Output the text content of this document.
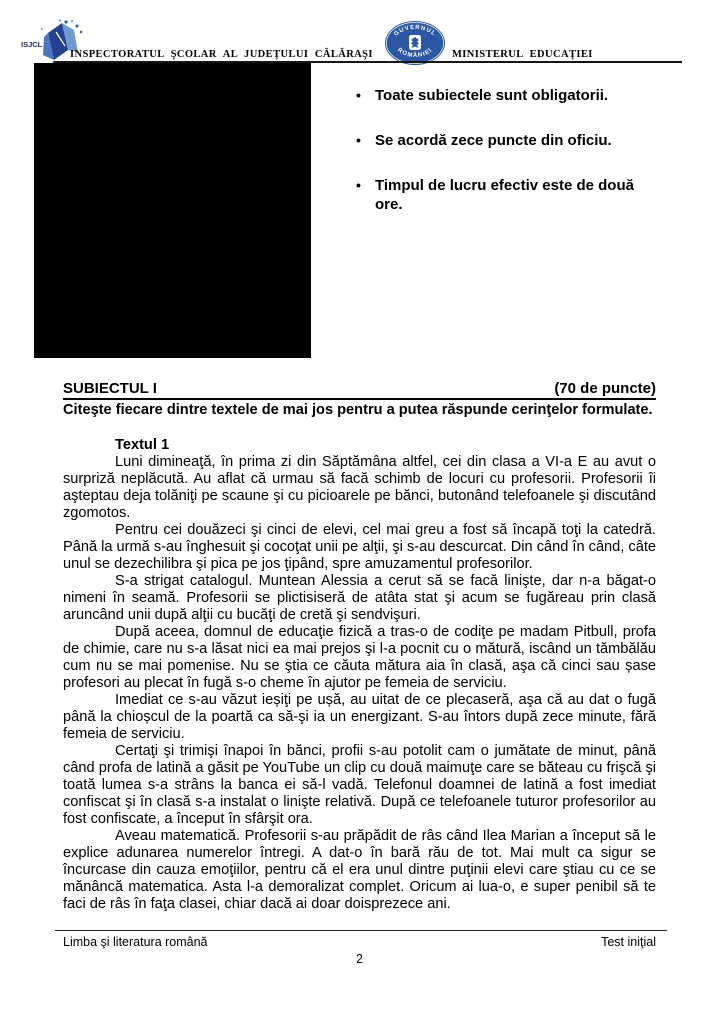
ISJCL
INSPECTORATUL ŞCOLAR AL JUDEŢULUI CĂLĂRAŞI
GUVERNUL
ROMÂNIEI MINISTERUL EDUCAŢIEI
• Toate subiectele sunt obligatorii.
• Se acordă zece puncte din oficiu.
• Timpul de lucru efectiv este de două ore.
SUBIECTUL I	(70 de puncte)
Citeşte fiecare dintre textele de mai jos pentru a putea răspunde cerinţelor formulate.
Textul 1

Luni dimineaţă, în prima zi din Săptămâna altfel, cei din clasa a VI-a E au avut o surpriză neplăcută. Au aflat că urmau să facă schimb de locuri cu profesorii. Profesorii îi aşteptau deja tolăniţi pe scaune şi cu picioarele pe bănci, butonând telefoanele şi discutând zgomotos.

Pentru cei douăzeci şi cinci de elevi, cel mai greu a fost să încapă toţi la catedră. Până la urmă s-au înghesuit şi cocoţat unii pe alţii, şi s-au descurcat. Din când în când, câte unul se dezechilibra şi pica pe jos ţipând, spre amuzamentul profesorilor.

S-a strigat catalogul. Muntean Alessia a cerut să se facă linişte, dar n-a băgat-o nimeni în seamă. Profesorii se plictisiseră de atâta stat şi acum se fugăreau prin clasă aruncând unii după alţii cu bucăţi de cretă şi sendvişuri.

După aceea, domnul de educaţie fizică a tras-o de codiţe pe madam Pitbull, profa de chimie, care nu s-a lăsat nici ea mai prejos şi l-a pocnit cu o mătură, iscând un tămbălău cum nu se mai pomenise. Nu se ştia ce căuta mătura aia în clasă, aşa că cinci sau șase profesori au plecat în fugă s-o cheme în ajutor pe femeia de serviciu.

Imediat ce s-au văzut ieșiţi pe ușă, au uitat de ce plecaseră, aşa că au dat o fugă până la chioșcul de la poartă ca să-şi ia un energizant. S-au întors după zece minute, fără femeia de serviciu.

Certaţi şi trimişi înapoi în bănci, profii s-au potolit cam o jumătate de minut, până când profa de latină a găsit pe YouTube un clip cu două maimuţe care se băteau cu frişcă şi toată lumea s-a strâns la banca ei să-l vadă. Telefonul doamnei de latină a fost imediat confiscat şi în clasă s-a instalat o linişte relativă. După ce telefoanele tuturor profesorilor au fost confiscate, a început în sfârşit ora.

Aveau matematică. Profesorii s-au prăpădit de râs când Ilea Marian a început să le explice adunarea numerelor întregi. A dat-o în bară rău de tot. Mai mult ca sigur se încurcase din cauza emoţiilor, pentru că el era unul dintre puţinii elevi care ştiau cu ce se mănâncă matematica. Asta l-a demoralizat complet. Oricum ai lua-o, e super penibil să te faci de râs în faţa clasei, chiar dacă ai doar doisprezece ani.

Limba şi literatura română	Test iniţial
2
